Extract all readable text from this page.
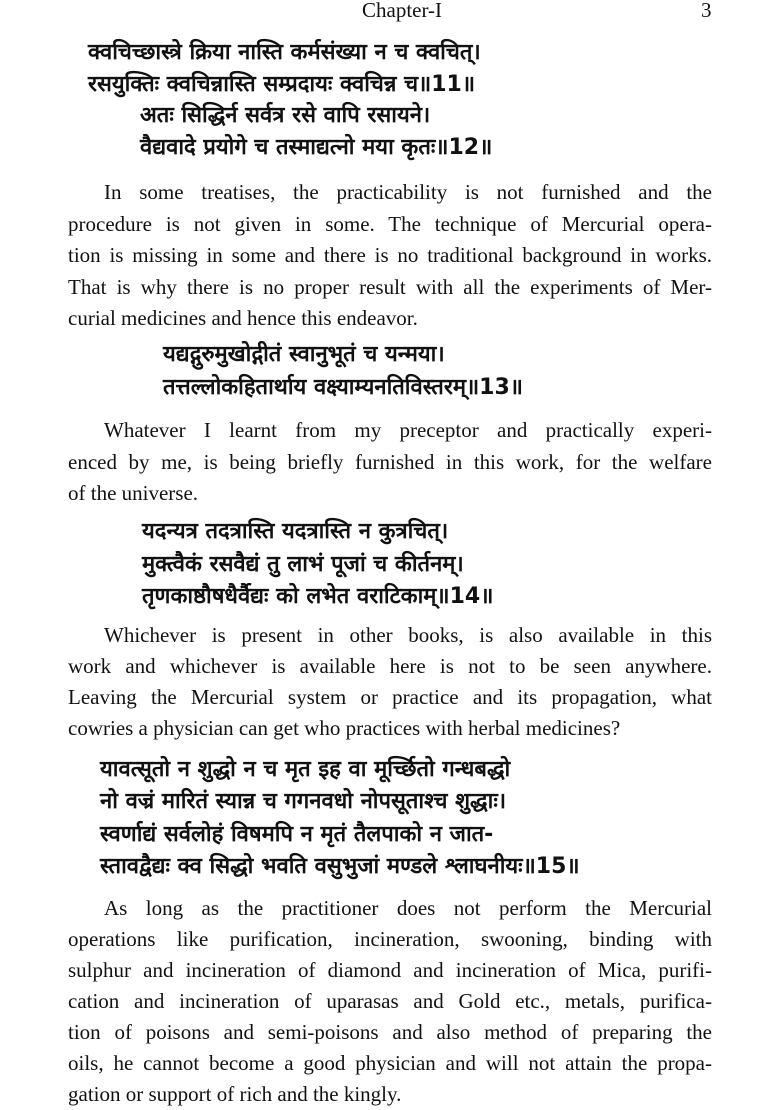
Chapter-I	3
क्वचिच्छास्त्रे क्रिया नास्ति कर्मसंख्या न च क्वचित्।
रसयुक्तिः क्वचिन्नास्ति सम्प्रदायः क्वचिन्न च॥11॥
अतः सिद्धिर्न सर्वत्र रसे वापि रसायने।
वैद्यवादे प्रयोगे च तस्माद्यत्नो मया कृतः॥12॥
In some treatises, the practicability is not furnished and the
procedure is not given in some. The technique of Mercurial opera-
tion is missing in some and there is no traditional background in works.
That is why there is no proper result with all the experiments of Mer-
curial medicines and hence this endeavor.
यद्यद्गुरुमुखोद्गीतं स्वानुभूतं च यन्मया।
तत्तल्लोकहितार्थाय वक्ष्याम्यनतिविस्तरम्॥13॥
Whatever I learnt from my preceptor and practically experi-
enced by me, is being briefly furnished in this work, for the welfare
of the universe.
यदन्यत्र तदत्रास्ति यदत्रास्ति न कुत्रचित्।
मुक्त्वैकं रसवैद्यं तु लाभं पूजां च कीर्तनम्।
तृणकाष्ठौषधैर्वैद्यः को लभेत वराटिकाम्॥14॥
Whichever is present in other books, is also available in this
work and whichever is available here is not to be seen anywhere.
Leaving the Mercurial system or practice and its propagation, what
cowries a physician can get who practices with herbal medicines?
यावत्सूतो न शुद्धो न च मृत इह वा मूर्च्छितो गन्धबद्धो
नो वज्रं मारितं स्यान्न च गगनवधो नोपसूताश्च शुद्धाः।
स्वर्णाद्यं सर्वलोहं विषमपि न मृतं तैलपाको न जात-
स्तावद्वैद्यः क्व सिद्धो भवति वसुभुजां मण्डले श्लाघनीयः॥15॥
As long as the practitioner does not perform the Mercurial
operations like purification, incineration, swooning, binding with
sulphur and incineration of diamond and incineration of Mica, purifi-
cation and incineration of uparasas and Gold etc., metals, purifica-
tion of poisons and semi-poisons and also method of preparing the
oils, he cannot become a good physician and will not attain the propa-
gation or support of rich and the kingly.
